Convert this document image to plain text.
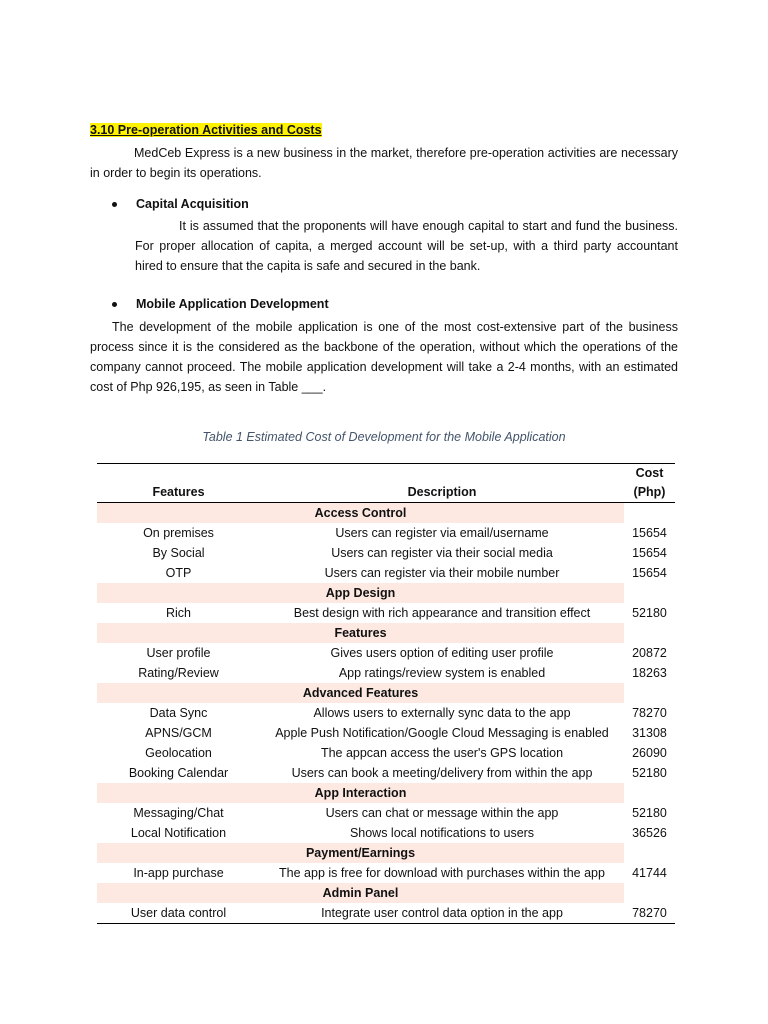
3.10 Pre-operation Activities and Costs

MedCeb Express is a new business in the market, therefore pre-operation activities are necessary in order to begin its operations.

Capital Acquisition

It is assumed that the proponents will have enough capital to start and fund the business. For proper allocation of capita, a merged account will be set-up, with a third party accountant hired to ensure that the capita is safe and secured in the bank.

Mobile Application Development

The development of the mobile application is one of the most cost-extensive part of the business process since it is the considered as the backbone of the operation, without which the operations of the company cannot proceed. The mobile application development will take a 2-4 months, with an estimated cost of Php 926,195, as seen in Table ___.

Table 1 Estimated Cost of Development for the Mobile Application

Features	Description	Cost
(Php)
Access Control		
On premises	Users can register via email/username	15654
By Social	Users can register via their social media	15654
OTP	Users can register via their mobile number	15654
App Design		
Rich	Best design with rich appearance and transition effect	52180
Features		
User profile	Gives users option of editing user profile	20872
Rating/Review	App ratings/review system is enabled	18263
Advanced Features		
Data Sync	Allows users to externally sync data to the app	78270
APNS/GCM	Apple Push Notification/Google Cloud Messaging is enabled	31308
Geolocation	The appcan access the user's GPS location	26090
Booking Calendar	Users can book a meeting/delivery from within the app	52180
App Interaction		
Messaging/Chat	Users can chat or message within the app	52180
Local Notification	Shows local notifications to users	36526
Payment/Earnings		
In-app purchase	The app is free for download with purchases within the app	41744
Admin Panel		
User data control	Integrate user control data option in the app	78270
